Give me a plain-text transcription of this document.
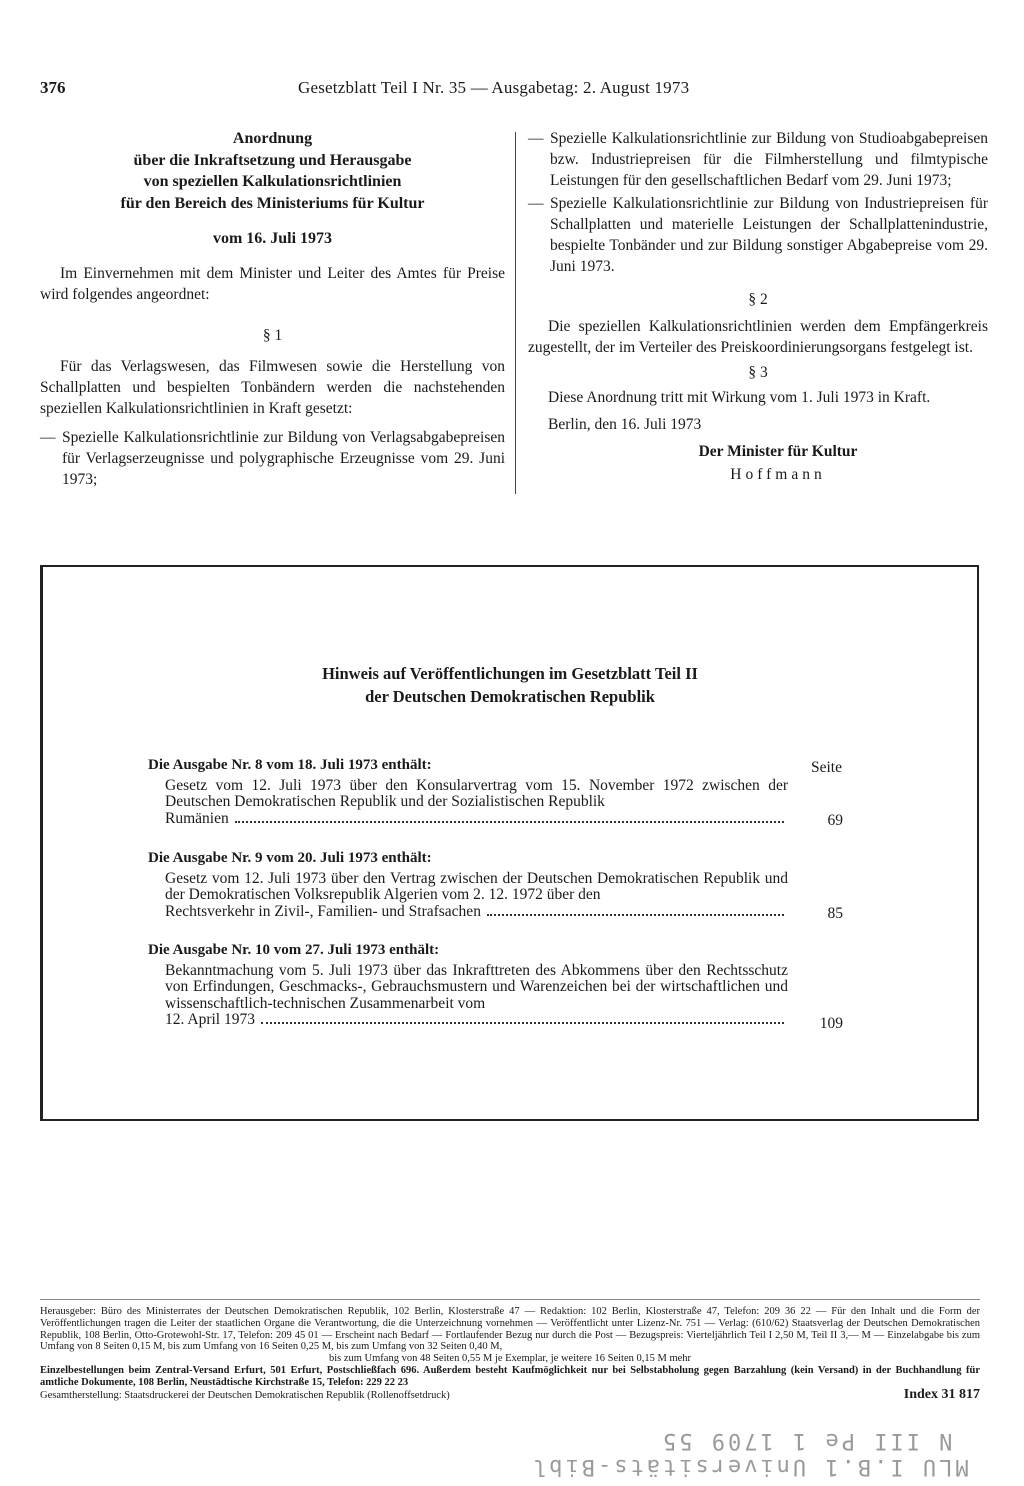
376	Gesetzblatt Teil I Nr. 35 — Ausgabetag: 2. August 1973
Anordnung
über die Inkraftsetzung und Herausgabe
von speziellen Kalkulationsrichtlinien
für den Bereich des Ministeriums für Kultur
vom 16. Juli 1973

Im Einvernehmen mit dem Minister und Leiter des Amtes für Preise wird folgendes angeordnet:

§ 1

Für das Verlagswesen, das Filmwesen sowie die Herstellung von Schallplatten und bespielten Tonbändern werden die nachstehenden speziellen Kalkulationsrichtlinien in Kraft gesetzt:

— Spezielle Kalkulationsrichtlinie zur Bildung von Verlagsabgabepreisen für Verlagserzeugnisse und polygraphische Erzeugnisse vom 29. Juni 1973;
— Spezielle Kalkulationsrichtlinie zur Bildung von Studioabgabepreisen bzw. Industriepreisen für die Filmherstellung und filmtypische Leistungen für den gesellschaftlichen Bedarf vom 29. Juni 1973;
— Spezielle Kalkulationsrichtlinie zur Bildung von Industriepreisen für Schallplatten und materielle Leistungen der Schallplattenindustrie, bespielte Tonbänder und zur Bildung sonstiger Abgabepreise vom 29. Juni 1973.
§ 2

Die speziellen Kalkulationsrichtlinien werden dem Empfängerkreis zugestellt, der im Verteiler des Preiskoordinierungsorgans festgelegt ist.

§ 3

Diese Anordnung tritt mit Wirkung vom 1. Juli 1973 in Kraft.

Berlin, den 16. Juli 1973
Der Minister für Kultur
Hoffmann
Hinweis auf Veröffentlichungen im Gesetzblatt Teil II
der Deutschen Demokratischen Republik
Seite
Die Ausgabe Nr. 8 vom 18. Juli 1973 enthält:
Gesetz vom 12. Juli 1973 über den Konsularvertrag vom 15. November 1972 zwischen der Deutschen Demokratischen Republik und der Sozialistischen Republik
Rumänien	69
Die Ausgabe Nr. 9 vom 20. Juli 1973 enthält:
Gesetz vom 12. Juli 1973 über den Vertrag zwischen der Deutschen Demokratischen Republik und der Demokratischen Volksrepublik Algerien vom 2. 12. 1972 über den
Rechtsverkehr in Zivil-, Familien- und Strafsachen	85
Die Ausgabe Nr. 10 vom 27. Juli 1973 enthält:
Bekanntmachung vom 5. Juli 1973 über das Inkrafttreten des Abkommens über den Rechtsschutz von Erfindungen, Geschmacks-, Gebrauchsmustern und Warenzeichen bei der wirtschaftlichen und wissenschaftlich-technischen Zusammenarbeit vom
12. April 1973	109
Herausgeber: Büro des Ministerrates der Deutschen Demokratischen Republik, 102 Berlin, Klosterstraße 47 — Redaktion: 102 Berlin, Klosterstraße 47, Telefon: 209 36 22 — Für den Inhalt und die Form der Veröffentlichungen tragen die Leiter der staatlichen Organe die Verantwortung, die die Unterzeichnung vornehmen — Veröffentlicht unter Lizenz-Nr. 751 — Verlag: (610/62) Staatsverlag der Deutschen Demokratischen Republik, 108 Berlin, Otto-Grotewohl-Str. 17, Telefon: 209 45 01 — Erscheint nach Bedarf — Fortlaufender Bezug nur durch die Post — Bezugspreis: Vierteljährlich Teil I 2,50 M, Teil II 3,— M — Einzelabgabe bis zum Umfang von 8 Seiten 0,15 M, bis zum Umfang von 16 Seiten 0,25 M, bis zum Umfang von 32 Seiten 0,40 M,
bis zum Umfang von 48 Seiten 0,55 M je Exemplar, je weitere 16 Seiten 0,15 M mehr
Einzelbestellungen beim Zentral-Versand Erfurt, 501 Erfurt, Postschließfach 696. Außerdem besteht Kaufmöglichkeit nur bei Selbstabholung gegen Barzahlung (kein Versand) in der Buchhandlung für amtliche Dokumente, 108 Berlin, Neustädtische Kirchstraße 15, Telefon: 229 22 23
Gesamtherstellung: Staatsdruckerei der Deutschen Demokratischen Republik (Rollenoffsetdruck)	Index 31 817
N III Pe 1 1709 55
MLU I.B.1 Universitäts-Bibl
